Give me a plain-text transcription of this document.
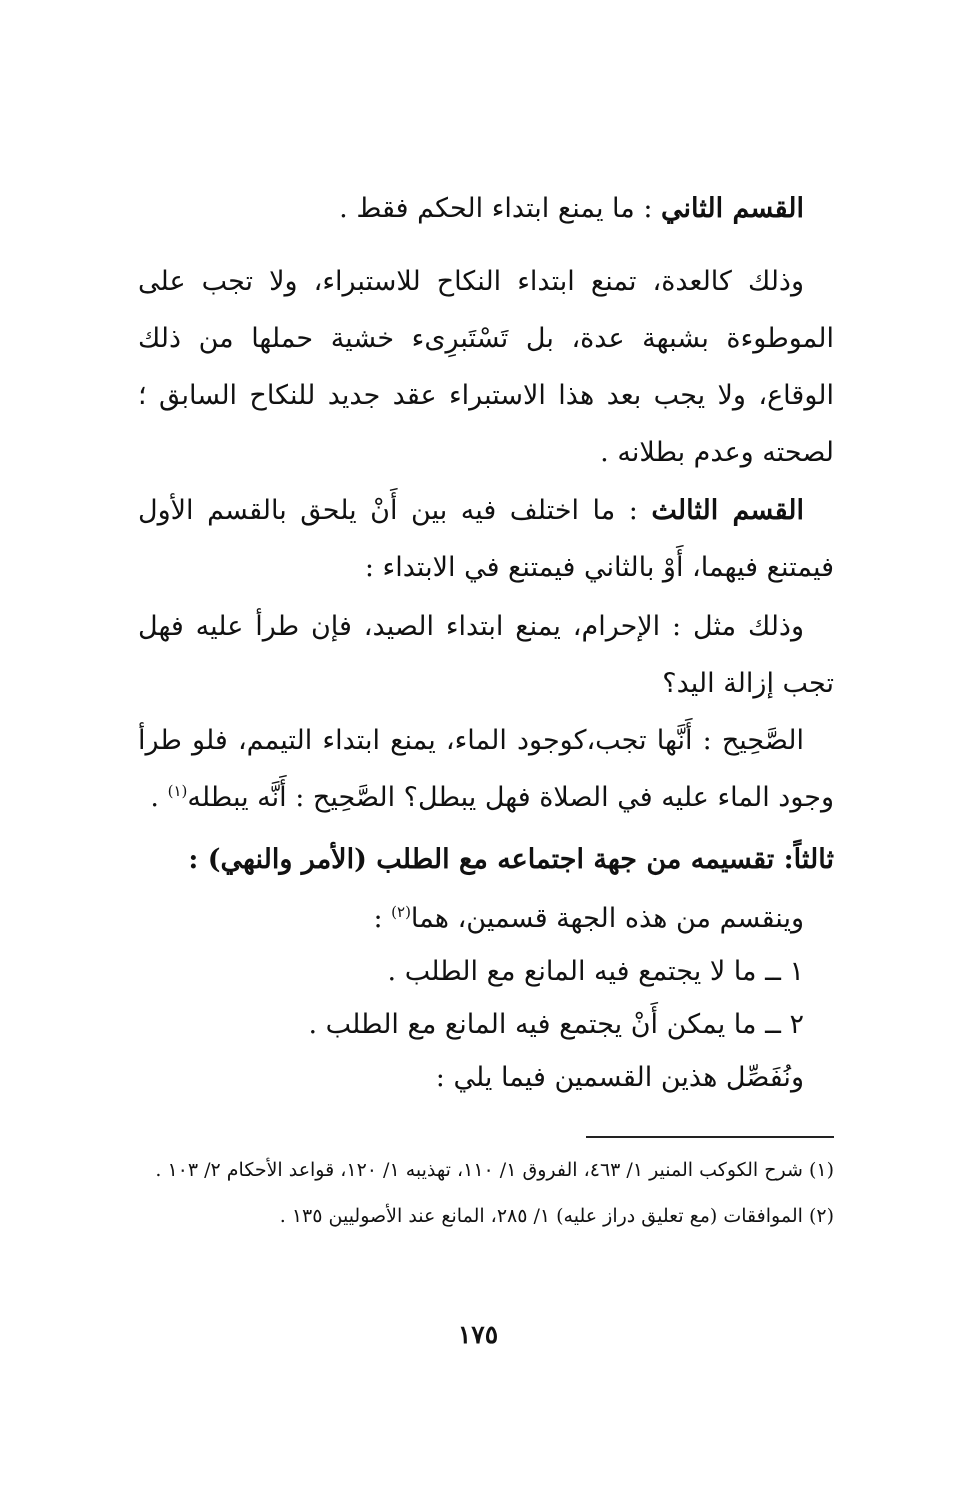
القسم الثاني : ما يمنع ابتداء الحكم فقط .

وذلك كالعدة، تمنع ابتداء النكاح للاستبراء، ولا تجب على الموطوءة بشبهة عدة، بل تَسْتَبرِىء خشية حملها من ذلك الوقاع، ولا يجب بعد هذا الاستبراء عقد جديد للنكاح السابق ؛ لصحته وعدم بطلانه .

القسم الثالث : ما اختلف فيه بين أَنْ يلحق بالقسم الأول فيمتنع فيهما، أَوْ بالثاني فيمتنع في الابتداء :

وذلك مثل : الإحرام، يمنع ابتداء الصيد، فإن طرأ عليه فهل تجب إزالة اليد؟

الصَّحِيح : أَنَّها تجب،كوجود الماء، يمنع ابتداء التيمم، فلو طرأ وجود الماء عليه في الصلاة فهل يبطل؟ الصَّحِيح : أَنَّه يبطله$^{(١)}$ .

ثالثاً: تقسيمه من جهة اجتماعه مع الطلب (الأمر والنهي) :

وينقسم من هذه الجهة قسمين، هما$^{(٢)}$ :
١ ــ ما لا يجتمع فيه المانع مع الطلب .
٢ ــ ما يمكن أَنْ يجتمع فيه المانع مع الطلب .
ونُفَصِّل هذين القسمين فيما يلي :

(١) شرح الكوكب المنير ١/ ٤٦٣، الفروق ١/ ١١٠، تهذيبه ١/ ١٢٠، قواعد الأحكام ٢/ ١٠٣ .

(٢) الموافقات (مع تعليق دراز عليه) ١/ ٢٨٥، المانع عند الأصوليين ١٣٥ .

١٧٥
